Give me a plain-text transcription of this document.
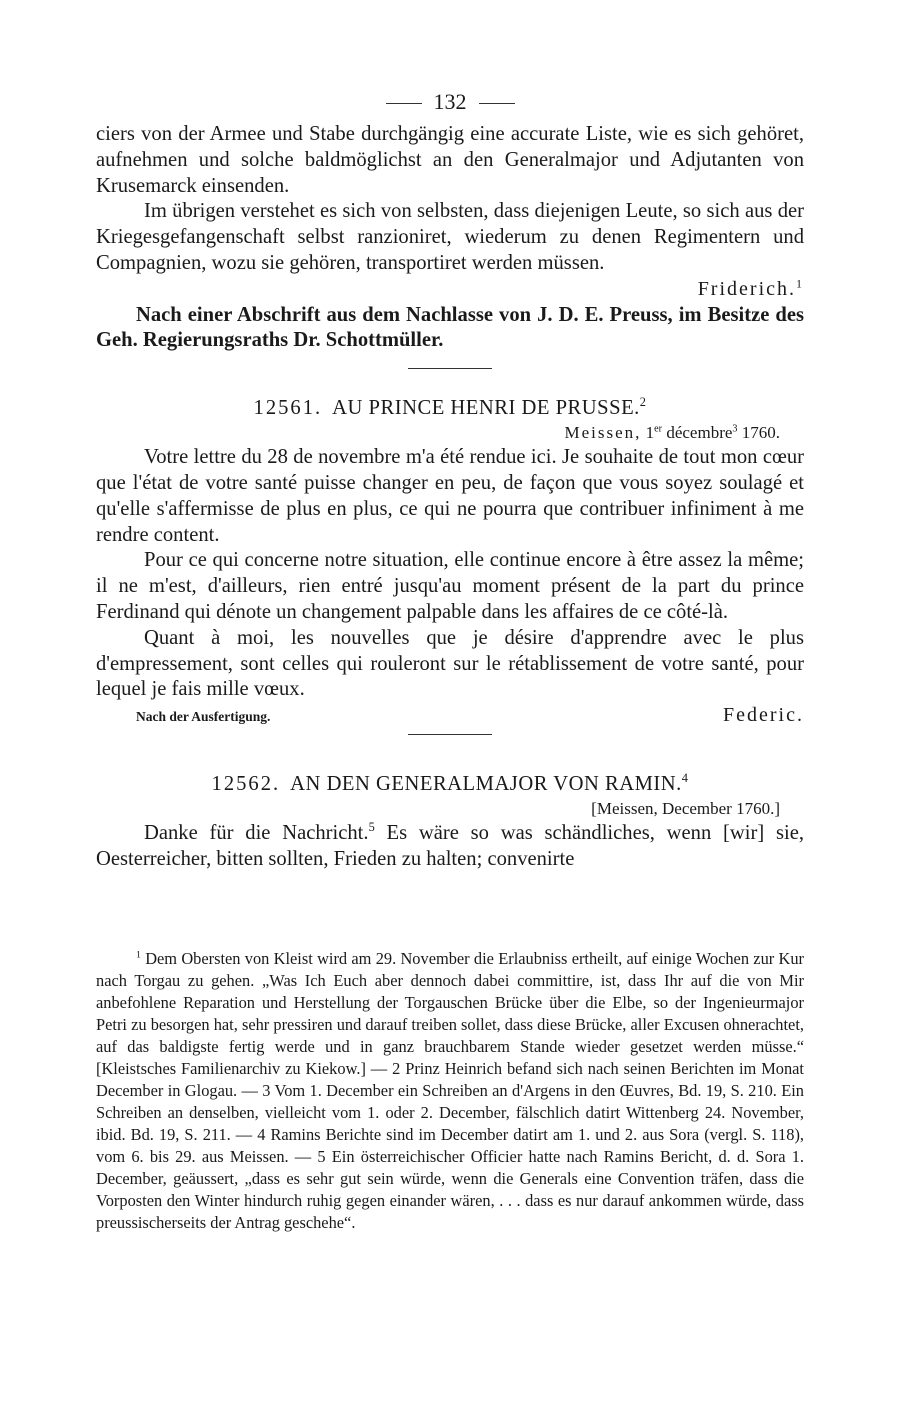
132

ciers von der Armee und Stabe durchgängig eine accurate Liste, wie es sich gehöret, aufnehmen und solche baldmöglichst an den Generalmajor und Adjutanten von Krusemarck einsenden.

Im übrigen verstehet es sich von selbsten, dass diejenigen Leute, so sich aus der Kriegesgefangenschaft selbst ranzioniret, wiederum zu denen Regimentern und Compagnien, wozu sie gehören, transportiret werden müssen.

Friderich.$^1$

Nach einer Abschrift aus dem Nachlasse von J. D. E. Preuss, im Besitze des Geh. Regierungsraths Dr. Schottmüller.

12561. AU PRINCE HENRI DE PRUSSE.$^2$
Meissen, 1er décembre$^3$ 1760.

Votre lettre du 28 de novembre m'a été rendue ici. Je souhaite de tout mon cœur que l'état de votre santé puisse changer en peu, de façon que vous soyez soulagé et qu'elle s'affermisse de plus en plus, ce qui ne pourra que contribuer infiniment à me rendre content.

Pour ce qui concerne notre situation, elle continue encore à être assez la même; il ne m'est, d'ailleurs, rien entré jusqu'au moment présent de la part du prince Ferdinand qui dénote un changement palpable dans les affaires de ce côté-là.

Quant à moi, les nouvelles que je désire d'apprendre avec le plus d'empressement, sont celles qui rouleront sur le rétablissement de votre santé, pour lequel je fais mille vœux.

Nach der Ausfertigung.	Federic.
12562. AN DEN GENERALMAJOR VON RAMIN.$^4$
[Meissen, December 1760.]

Danke für die Nachricht.$^5$ Es wäre so was schändliches, wenn [wir] sie, Oesterreicher, bitten sollten, Frieden zu halten; convenirte

$^1$ Dem Obersten von Kleist wird am 29. November die Erlaubniss ertheilt, auf einige Wochen zur Kur nach Torgau zu gehen. „Was Ich Euch aber dennoch dabei committire, ist, dass Ihr auf die von Mir anbefohlene Reparation und Herstellung der Torgauschen Brücke über die Elbe, so der Ingenieurmajor Petri zu besorgen hat, sehr pressiren und darauf treiben sollet, dass diese Brücke, aller Excusen ohnerachtet, auf das baldigste fertig werde und in ganz brauchbarem Stande wieder gesetzet werden müsse.“ [Kleistsches Familienarchiv zu Kiekow.] — 2 Prinz Heinrich befand sich nach seinen Berichten im Monat December in Glogau. — 3 Vom 1. December ein Schreiben an d'Argens in den Œuvres, Bd. 19, S. 210. Ein Schreiben an denselben, vielleicht vom 1. oder 2. December, fälschlich datirt Wittenberg 24. November, ibid. Bd. 19, S. 211. — 4 Ramins Berichte sind im December datirt am 1. und 2. aus Sora (vergl. S. 118), vom 6. bis 29. aus Meissen. — 5 Ein österreichischer Officier hatte nach Ramins Bericht, d. d. Sora 1. December, geäussert, „dass es sehr gut sein würde, wenn die Generals eine Convention träfen, dass die Vorposten den Winter hindurch ruhig gegen einander wären, . . . dass es nur darauf ankommen würde, dass preussischerseits der Antrag geschehe“.
